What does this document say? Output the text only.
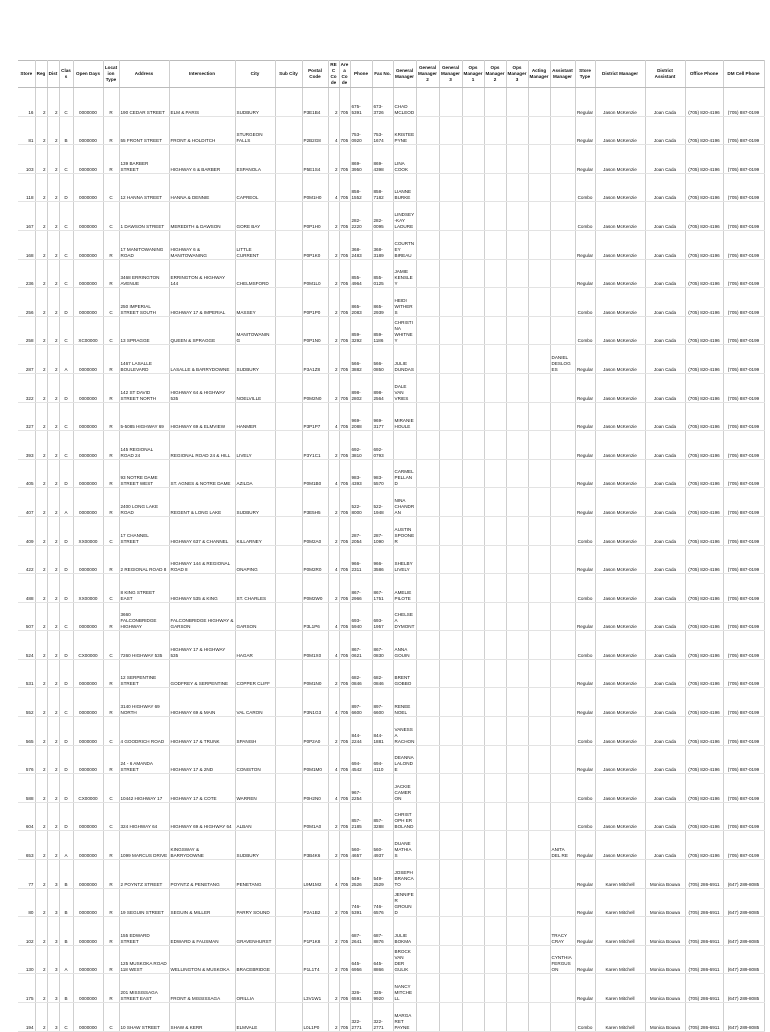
Store	Reg	Dist	Class	Open Days	Location Type	Address	Intersection	City	Sub City	Postal Code	REC Code	Area Code	Phone	Fax No.	General Manager	General Manager 2	General Manager 3	Ops Manager 1	Ops Manager 2	Ops Manager 3	Acting Manager	Assistant Manager	Store Type	District Manager	District Assistant	Office Phone	DM Cell Phone
16	2	2	C	0000000	R	190 CEDAR STREET	ELM & PARIS	SUDBURY		P3E1B4	2	705	675-5391	673-3726	CHAD MCLEOD								Regular	Jason McKenzie	Joan Cada	(705) 820-4196	(705) 887-0199
81	2	2	B	0000000	R	55 FRONT STREET	FRONT & HOLDITCH	STURGEON FALLS		P2B2G8	4	705	753-0920	753-1674	KRISTEE PYNE								Regular	Jason McKenzie	Joan Cada	(705) 820-4196	(705) 887-0199
103	2	2	C	0000000	R	139 BARBER STREET	HIGHWAY 6 & BARBER	ESPANOLA		P5E1S4	2	705	869-3950	869-4398	LINA COOK								Regular	Jason McKenzie	Joan Cada	(705) 820-4196	(705) 887-0199
118	2	2	D	0000000	C	12 HANNA STREET	HANNA & DENNIE	CAPREOL		P0M1H0	4	705	858-1552	858-7182	LIANNE BURKE								Combo	Jason McKenzie	Joan Cada	(705) 820-4196	(705) 887-0199
167	2	2	C	0000000	C	1 DAWSON STREET	MEREDITH & DAWSON	GORE BAY		P0P1H0	2	705	282-2220	282-0095	LINDSEY-KAY LADURE								Combo	Jason McKenzie	Joan Cada	(705) 820-4196	(705) 887-0199
168	2	2	C	0000000	R	17 MANITOWANING ROAD	HIGHWAY 6 & MANITOWANING	LITTLE CURRENT		P0P1K0	2	705	368-2483	368-3189	COURTNEY BIREAU								Regular	Jason McKenzie	Joan Cada	(705) 820-4196	(705) 887-0199
236	2	2	C	0000000	R	3468 ERRINGTON AVENUE	ERRINGTON & HIGHWAY 144	CHELMSFORD		P0M1L0	2	705	855-4964	855-0125	JAMIE KENSLEY								Regular	Jason McKenzie	Joan Cada	(705) 820-4196	(705) 887-0199
256	2	2	D	0000000	C	250 IMPERIAL STREET SOUTH	HIGHWAY 17 & IMPERIAL	MASSEY		P0P1P0	2	705	865-2083	865-2939	HEIDI WITHERS								Combo	Jason McKenzie	Joan Cada	(705) 820-4196	(705) 887-0199
258	2	2	C	XC00000	C	13 SPRAGGE	QUEEN & SPRAGGE	MANITOWANIN G		P0P1N0	2	705	859-3292	859-1186	CHRISTINA WHITNEY								Combo	Jason McKenzie	Joan Cada	(705) 820-4196	(705) 887-0199
287	2	2	A	0000000	R	1467 LASALLE BOULEVARD	LASALLE & BARRYDOWNE	SUDBURY		P3A1Z8	2	705	566-3882	566-0850	JULIE DUNDAS							DANIEL DESLOGES	Regular	Jason McKenzie	Joan Cada	(705) 820-4196	(705) 887-0199
322	2	2	D	0000000	R	142 ST DAVID STREET NORTH	HIGHWAY 64 & HIGHWAY 535	NOELVILLE		P0M2N0	2	705	898-2802	898-2564	DALE VAN VRIES								Regular	Jason McKenzie	Joan Cada	(705) 820-4196	(705) 887-0199
327	2	2	C	0000000	R	5-5085 HIGHWAY 69	HIGHWAY 69 & ELMVIEW	HANMER		P3P1P7	4	705	969-2088	969-3177	MIRANIE HOULE								Regular	Jason McKenzie	Joan Cada	(705) 820-4196	(705) 887-0199
393	2	2	C	0000000	R	145 REGIONAL ROAD 24	REGIONAL ROAD 24 & HILL	LIVELY		P3Y1C1	2	705	692-3810	692-0793									Regular	Jason McKenzie	Joan Cada	(705) 820-4196	(705) 887-0199
405	2	2	D	0000000	R	93 NOTRE DAME STREET WEST	ST. AGNES & NOTRE DAME	AZILDA		P0M1B0	4	705	983-4393	983-5570	CARMEL PELLAND								Regular	Jason McKenzie	Joan Cada	(705) 820-4196	(705) 887-0199
407	2	2	A	0000000	R	2400 LONG LAKE ROAD	REGENT & LONG LAKE	SUDBURY		P3E5H5	2	705	522-8000	522-1948	NINA CHANDRAN								Regular	Jason McKenzie	Joan Cada	(705) 820-4196	(705) 887-0199
409	2	2	D	XX00000	C	17 CHANNEL STREET	HIGHWAY 637 & CHANNEL	KILLARNEY		P0M2A0	2	705	287-2054	287-1090	AUSTIN SPOONER								Combo	Jason McKenzie	Joan Cada	(705) 820-4196	(705) 887-0199
422	2	2	D	0000000	R	2 REGIONAL ROAD 8	HIGHWAY 144 & REGIONAL ROAD 8	ONAPING		P0M2R0	4	705	966-2311	966-3586	SHELBY LIVELY								Regular	Jason McKenzie	Joan Cada	(705) 820-4196	(705) 887-0199
488	2	2	D	XX00000	C	8 KING STREET EAST	HIGHWAY 535 & KING	ST. CHARLES		P0M2W0	2	705	867-2966	867-1751	AMELIE PILOTE								Combo	Jason McKenzie	Joan Cada	(705) 820-4196	(705) 887-0199
507	2	2	C	0000000	R	3660 FALCONBRIDGE HIGHWAY	FALCONBRIDGE HIGHWAY & GARSON	GARSON		P3L1P6	4	705	693-5940	693-1957	CHELSEA DYMONT								Regular	Jason McKenzie	Joan Cada	(705) 820-4196	(705) 887-0199
524	2	2	D	CX00000	C	7260 HIGHWAY 535	HIGHWAY 17 & HIGHWAY 535	HAGAR		P0M1X0	4	705	867-0621	867-0830	ANNA GOUIN								Combo	Jason McKenzie	Joan Cada	(705) 820-4196	(705) 887-0199
531	2	2	D	0000000	R	12 SERPENTINE STREET	GODFREY & SERPENTINE	COPPER CLIFF		P0M1N0	2	705	682-0846	682-0846	BRENT GOBBO								Regular	Jason McKenzie	Joan Cada	(705) 820-4196	(705) 887-0199
552	2	2	C	0000000	R	3140 HIGHWAY 69 NORTH	HIGHWAY 69 & MAIN	VAL CARON		P3N1G3	4	705	897-6600	897-6600	RENEE NOEL								Regular	Jason McKenzie	Joan Cada	(705) 820-4196	(705) 887-0199
565	2	2	D	0000000	C	4 GOODRICH ROAD	HIGHWAY 17 & TRUNK	SPANISH		P0P2A0	2	705	844-2244	844-1881	VANESSA RACHON								Combo	Jason McKenzie	Joan Cada	(705) 820-4196	(705) 887-0199
576	2	2	D	0000000	R	24 - 6 AMANDA STREET	HIGHWAY 17 & 2ND	CONISTON		P0M1M0	4	705	694-4542	694-4110	DEANNA LALONDE								Regular	Jason McKenzie	Joan Cada	(705) 820-4196	(705) 887-0199
588	2	2	D	CX00000	C	10442 HIGHWAY 17	HIGHWAY 17 & COTE	WARREN		P0H2N0	4	705	967-2254		JACKIE CAMERON								Combo	Jason McKenzie	Joan Cada	(705) 820-4196	(705) 887-0199
604	2	2	D	0000000	C	324 HIGHWAY 64	HIGHWAY 69 & HIGHWAY 64	ALBAN		P0M1A0	2	705	857-2185	857-3288	CHRISTOPH ER BOLAND								Combo	Jason McKenzie	Joan Cada	(705) 820-4196	(705) 887-0199
653	2	2	A	0000000	R	1099 MARCUS DRIVE	KINGSWAY & BARRYDOWNE	SUDBURY		P3B4K6	2	705	560-4657	560-4937	DUANE MATHIAS							ANITA DEL RE	Regular	Jason McKenzie	Joan Cada	(705) 820-4196	(705) 887-0199
77	2	3	B	0000000	R	2 POYNTZ STREET	POYNTZ & PENETANG	PENETANG		L9M1M2	4	705	549-2526	549-2529	JOSEPH BRANCATO								Regular	Karen Mitchell	Monica Bouwa	(705) 286-6911	(647) 289-8085
80	2	3	B	0000000	R	19 SEGUIN STREET	SEGUIN & MILLER	PARRY SOUND		P2A1B2	2	705	746-5391	746-6576	JENNIFER GROUND								Regular	Karen Mitchell	Monica Bouwa	(705) 286-6911	(647) 289-8085
102	2	3	B	0000000	R	155 EDWARD STREET	EDWARD & FAUSMAN	GRAVENHURST		P1P1K8	2	705	687-2641	687-8876	JULIE BOKMA							TRACY CRAY	Regular	Karen Mitchell	Monica Bouwa	(705) 286-6911	(647) 289-8085
130	2	3	A	0000000	R	125 MUSKOKA ROAD 118 WEST	WELLINGTON & MUSKOKA	BRACEBRIDGE		P1L1T4	2	705	645-6956	645-8866	BROCK VAN DER GULIK							CYNTHIA FERGUSON	Regular	Karen Mitchell	Monica Bouwa	(705) 286-6911	(647) 289-8085
175	2	3	B	0000000	R	201 MISSISSAGA STREET EAST	FRONT & MISSISSAGA	ORILLIA		L3V1W1	2	705	326-6591	326-9920	NANCY MITCHELL								Regular	Karen Mitchell	Monica Bouwa	(705) 286-6911	(647) 289-8085
194	2	3	C	0000000	C	10 SHAW STREET	SHAW & KERR	ELMVALE		L0L1P0	2	705	322-2771	322-2771	MARGARET PAYNE								Combo	Karen Mitchell	Monica Bouwa	(705) 286-6911	(647) 289-8085
